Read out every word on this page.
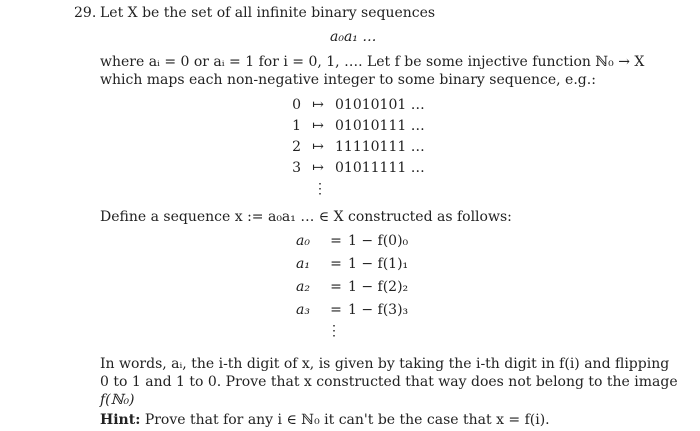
29. Let X be the set of all infinite binary sequences
a₀a₁ …
where aᵢ = 0 or aᵢ = 1 for i = 0, 1, …. Let f be some injective function ℕ₀ → X
which maps each non-negative integer to some binary sequence, e.g.:
0 ↦ 01010101 …
1 ↦ 01010111 …
2 ↦ 11110111 …
3 ↦ 01011111 …
⋮
Define a sequence x := a₀a₁ … ∈ X constructed as follows:
a₀	= 1 − f(0)₀
a₁	= 1 − f(1)₁
a₂	= 1 − f(2)₂
a₃	= 1 − f(3)₃
⋮
In words, aᵢ, the i-th digit of x, is given by taking the i-th digit in f(i) and flipping
0 to 1 and 1 to 0. Prove that x constructed that way does not belong to the image
f(ℕ₀)
Hint: Prove that for any i ∈ ℕ₀ it can't be the case that x = f(i).
